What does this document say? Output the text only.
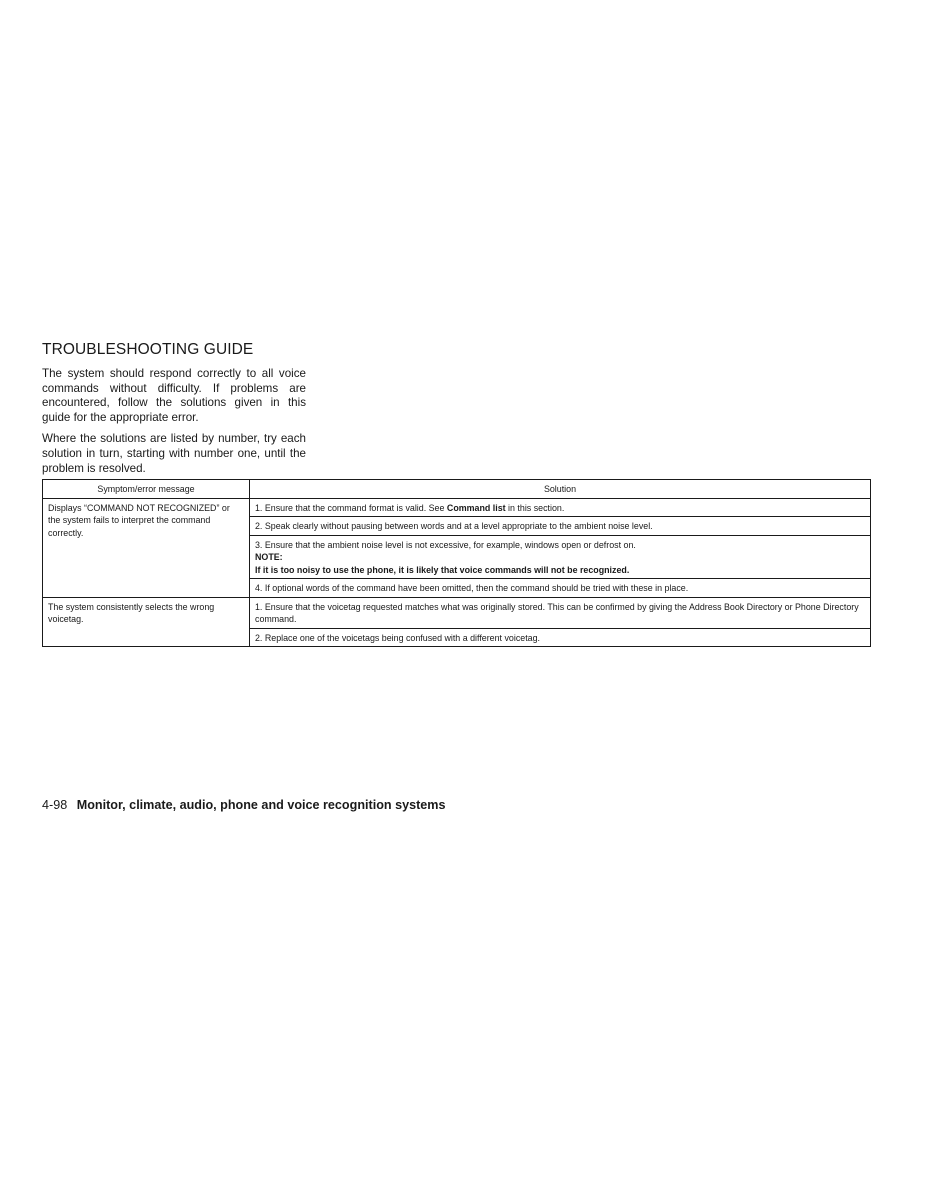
TROUBLESHOOTING GUIDE

The system should respond correctly to all voice commands without difficulty. If problems are encountered, follow the solutions given in this guide for the appropriate error.

Where the solutions are listed by number, try each solution in turn, starting with number one, until the problem is resolved.

Symptom/error message	Solution
Displays “COMMAND NOT RECOGNIZED” or the system fails to interpret the command correctly.	1. Ensure that the command format is valid. See Command list in this section.
	2. Speak clearly without pausing between words and at a level appropriate to the ambient noise level.
	3. Ensure that the ambient noise level is not excessive, for example, windows open or defrost on.
NOTE:
If it is too noisy to use the phone, it is likely that voice commands will not be recognized.

	4. If optional words of the command have been omitted, then the command should be tried with these in place.
The system consistently selects the wrong voicetag.	1. Ensure that the voicetag requested matches what was originally stored. This can be confirmed by giving the Address Book Directory or Phone Directory command.
	2. Replace one of the voicetags being confused with a different voicetag.
4-98 Monitor, climate, audio, phone and voice recognition systems
